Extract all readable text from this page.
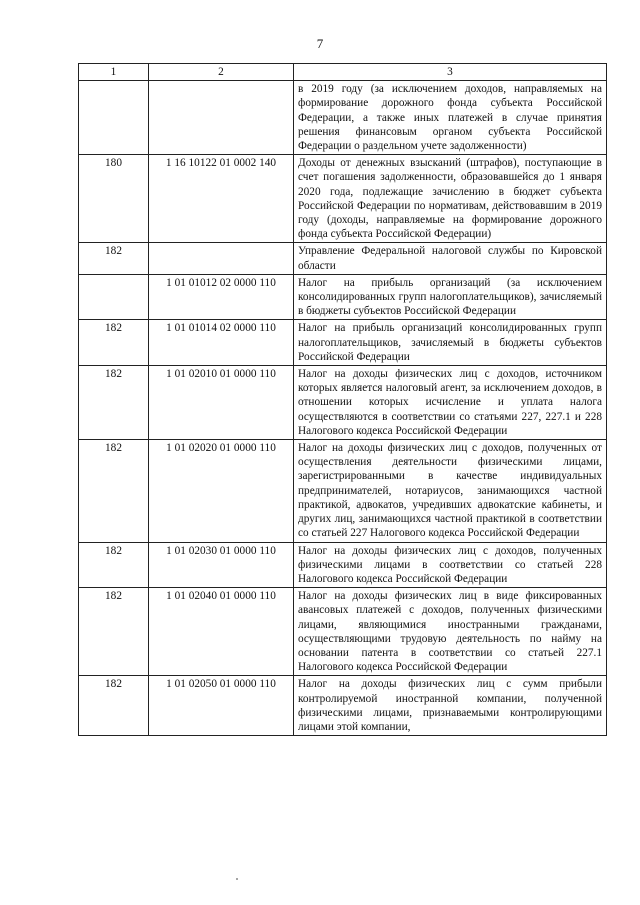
7
1	2	3
		в 2019 году (за исключением доходов, направляемых на формирование дорожного фонда субъекта Российской Федерации, а также иных платежей в случае принятия решения финансовым органом субъекта Российской Федерации о раздельном учете задолженности)
180	1 16 10122 01 0002 140	Доходы от денежных взысканий (штрафов), поступающие в счет погашения задолженности, образовавшейся до 1 января 2020 года, подлежащие зачислению в бюджет субъекта Российской Федерации по нормативам, действовавшим в 2019 году (доходы, направляемые на формирование дорожного фонда субъекта Российской Федерации)
182		Управление Федеральной налоговой службы по Кировской области
	1 01 01012 02 0000 110	Налог на прибыль организаций (за исключением консолидированных групп налогоплательщиков), зачисляемый в бюджеты субъектов Российской Федерации
182	1 01 01014 02 0000 110	Налог на прибыль организаций консолидированных групп налогоплательщиков, зачисляемый в бюджеты субъектов Российской Федерации
182	1 01 02010 01 0000 110	Налог на доходы физических лиц с доходов, источником которых является налоговый агент, за исключением доходов, в отношении которых исчисление и уплата налога осуществляются в соответствии со статьями 227, 227.1 и 228 Налогового кодекса Российской Федерации
182	1 01 02020 01 0000 110	Налог на доходы физических лиц с доходов, полученных от осуществления деятельности физическими лицами, зарегистрированными в качестве индивидуальных предпринимателей, нотариусов, занимающихся частной практикой, адвокатов, учредивших адвокатские кабинеты, и других лиц, занимающихся частной практикой в соответствии со статьей 227 Налогового кодекса Российской Федерации
182	1 01 02030 01 0000 110	Налог на доходы физических лиц с доходов, полученных физическими лицами в соответствии со статьей 228 Налогового кодекса Российской Федерации
182	1 01 02040 01 0000 110	Налог на доходы физических лиц в виде фиксированных авансовых платежей с доходов, полученных физическими лицами, являющимися иностранными гражданами, осуществляющими трудовую деятельность по найму на основании патента в соответствии со статьей 227.1 Налогового кодекса Российской Федерации
182	1 01 02050 01 0000 110	Налог на доходы физических лиц с сумм прибыли контролируемой иностранной компании, полученной физическими лицами, признаваемыми контролирующими лицами этой компании,
